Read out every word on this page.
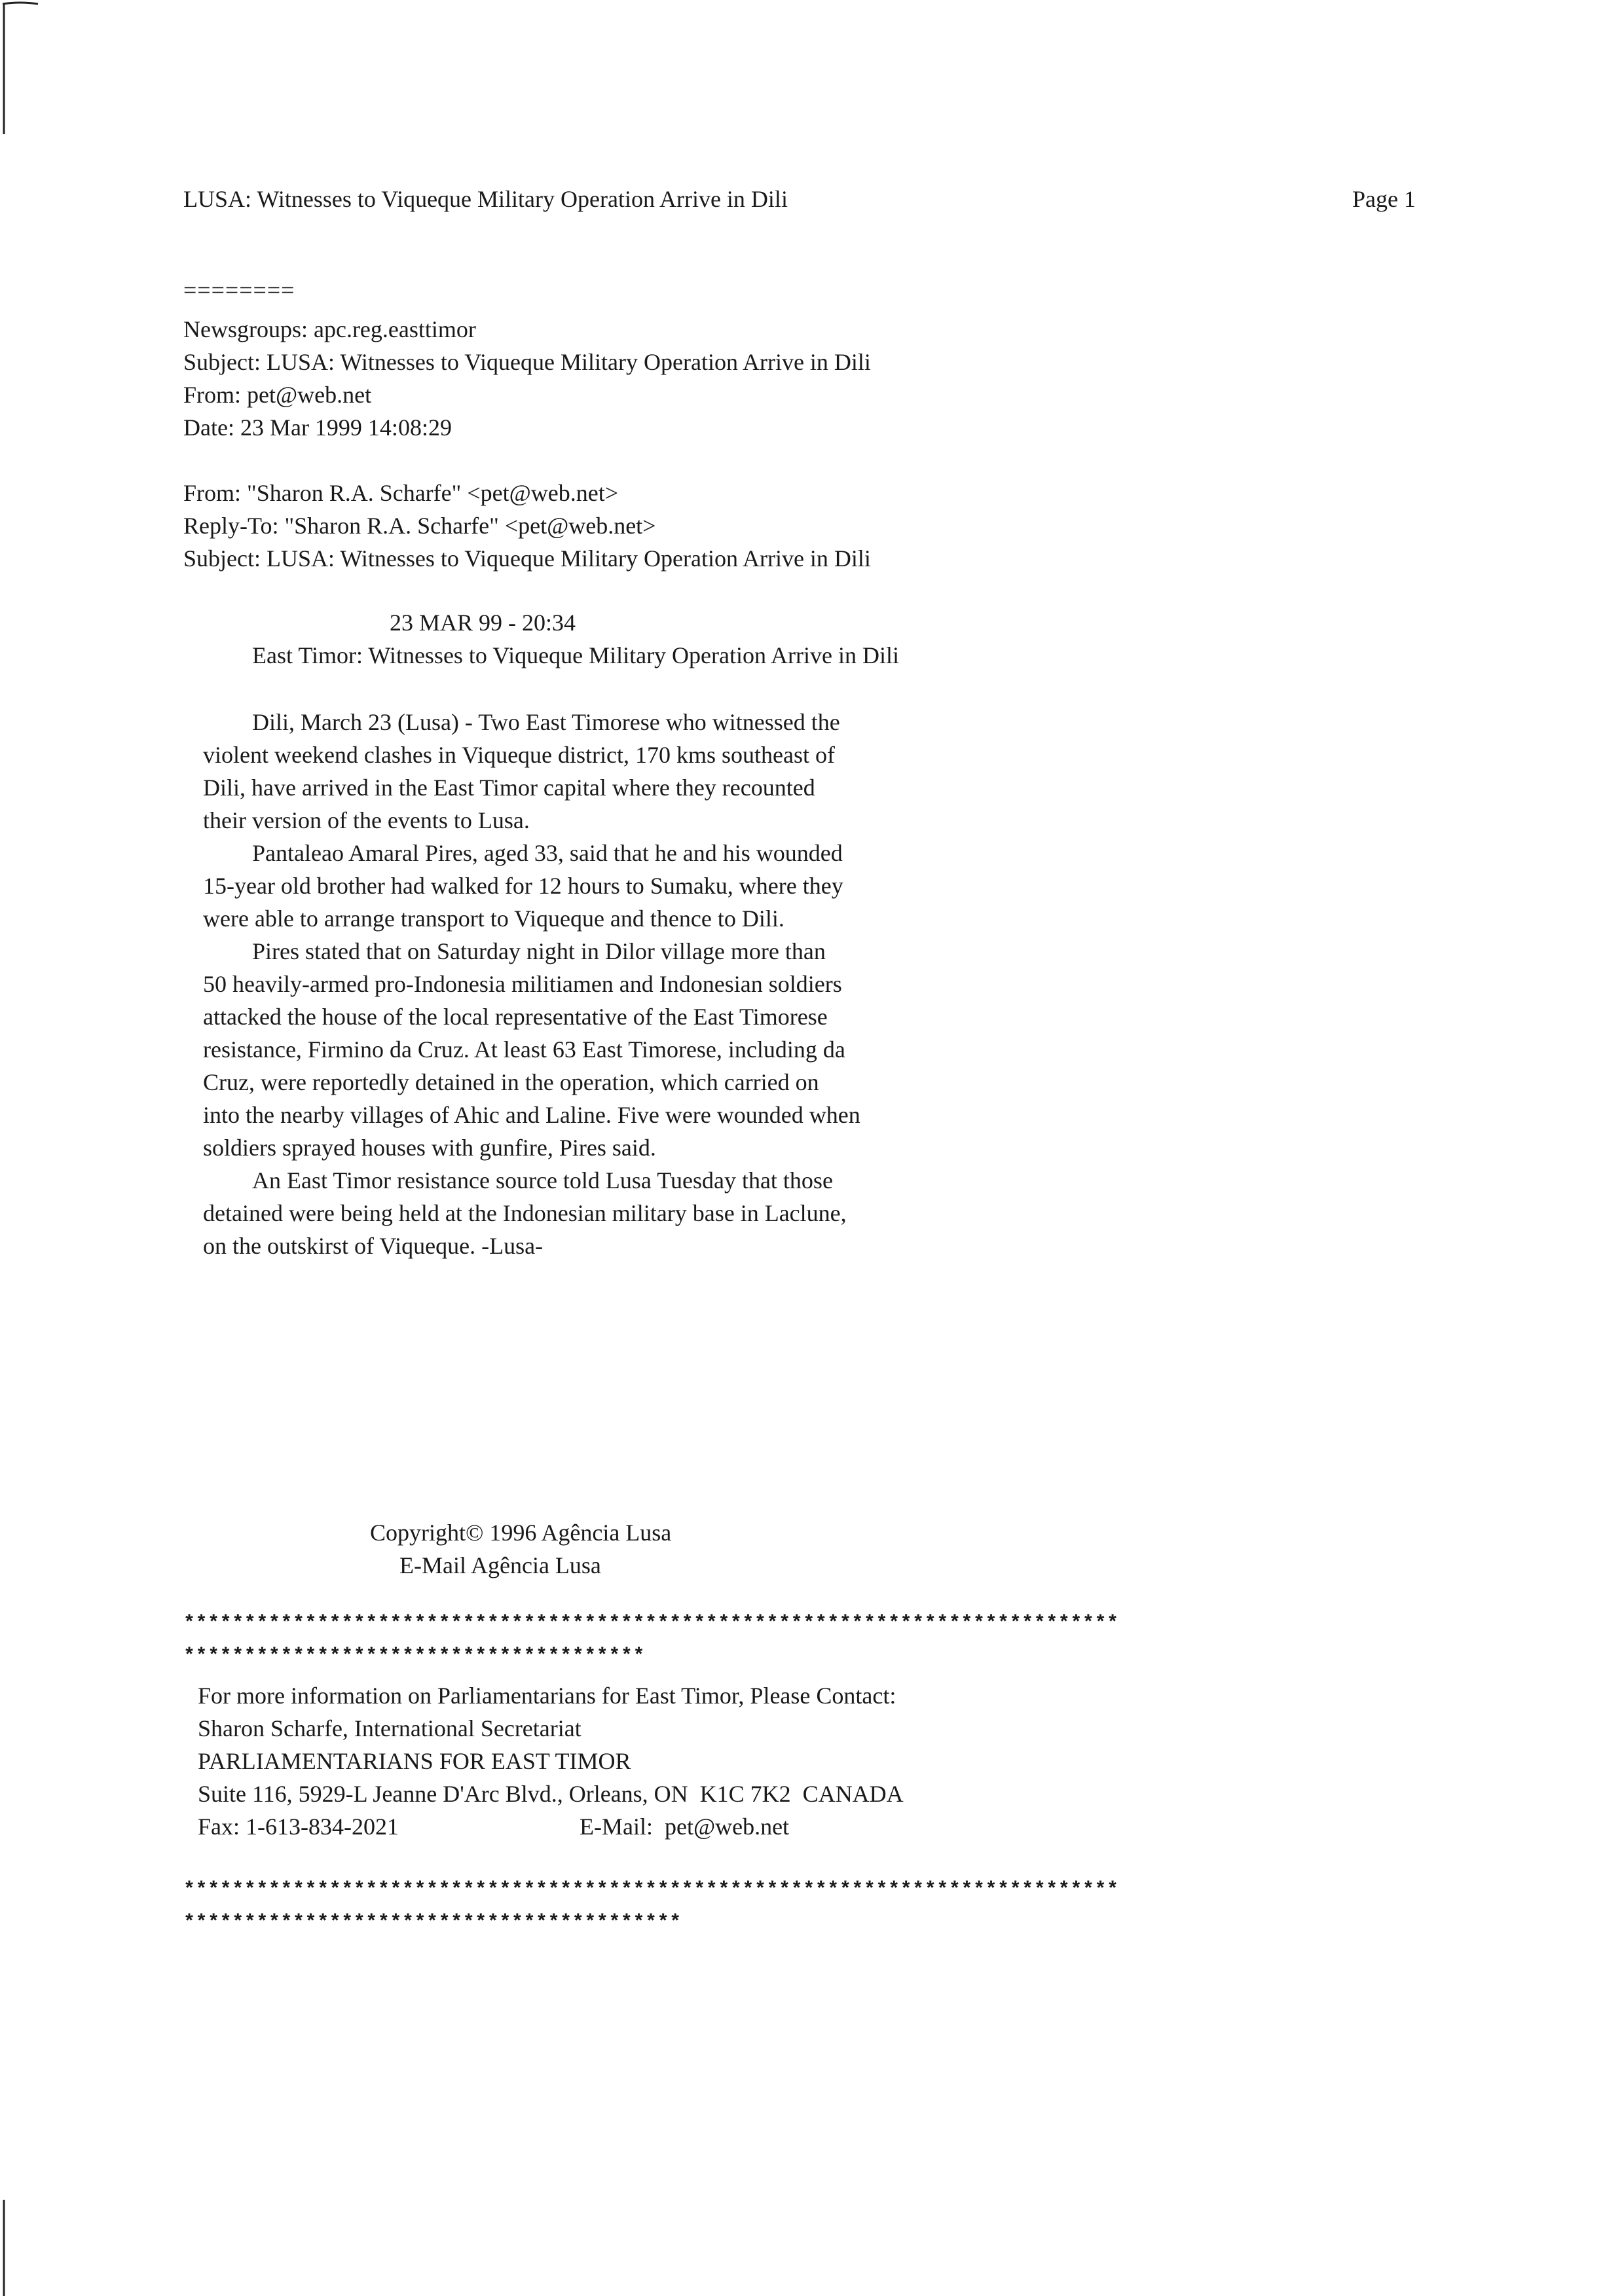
LUSA: Witnesses to Viqueque Military Operation Arrive in Dili	Page 1
========
Newsgroups: apc.reg.easttimor
Subject: LUSA: Witnesses to Viqueque Military Operation Arrive in Dili
From: pet@web.net
Date: 23 Mar 1999 14:08:29
From: "Sharon R.A. Scharfe" <pet@web.net>
Reply-To: "Sharon R.A. Scharfe" <pet@web.net>
Subject: LUSA: Witnesses to Viqueque Military Operation Arrive in Dili
23 MAR 99 - 20:34
East Timor: Witnesses to Viqueque Military Operation Arrive in Dili
Dili, March 23 (Lusa) - Two East Timorese who witnessed the
violent weekend clashes in Viqueque district, 170 kms southeast of
Dili, have arrived in the East Timor capital where they recounted
their version of the events to Lusa.
Pantaleao Amaral Pires, aged 33, said that he and his wounded
15-year old brother had walked for 12 hours to Sumaku, where they
were able to arrange transport to Viqueque and thence to Dili.
Pires stated that on Saturday night in Dilor village more than
50 heavily-armed pro-Indonesia militiamen and Indonesian soldiers
attacked the house of the local representative of the East Timorese
resistance, Firmino da Cruz. At least 63 East Timorese, including da
Cruz, were reportedly detained in the operation, which carried on
into the nearby villages of Ahic and Laline. Five were wounded when
soldiers sprayed houses with gunfire, Pires said.
An East Timor resistance source told Lusa Tuesday that those
detained were being held at the Indonesian military base in Laclune,
on the outskirst of Viqueque. -Lusa-
Copyright© 1996 Agência Lusa
E-Mail Agência Lusa
*****************************************************************************
**************************************
For more information on Parliamentarians for East Timor, Please Contact:
Sharon Scharfe, International Secretariat
PARLIAMENTARIANS FOR EAST TIMOR
Suite 116, 5929-L Jeanne D'Arc Blvd., Orleans, ON  K1C 7K2  CANADA
Fax: 1-613-834-2021	E-Mail:  pet@web.net
*****************************************************************************
*****************************************
